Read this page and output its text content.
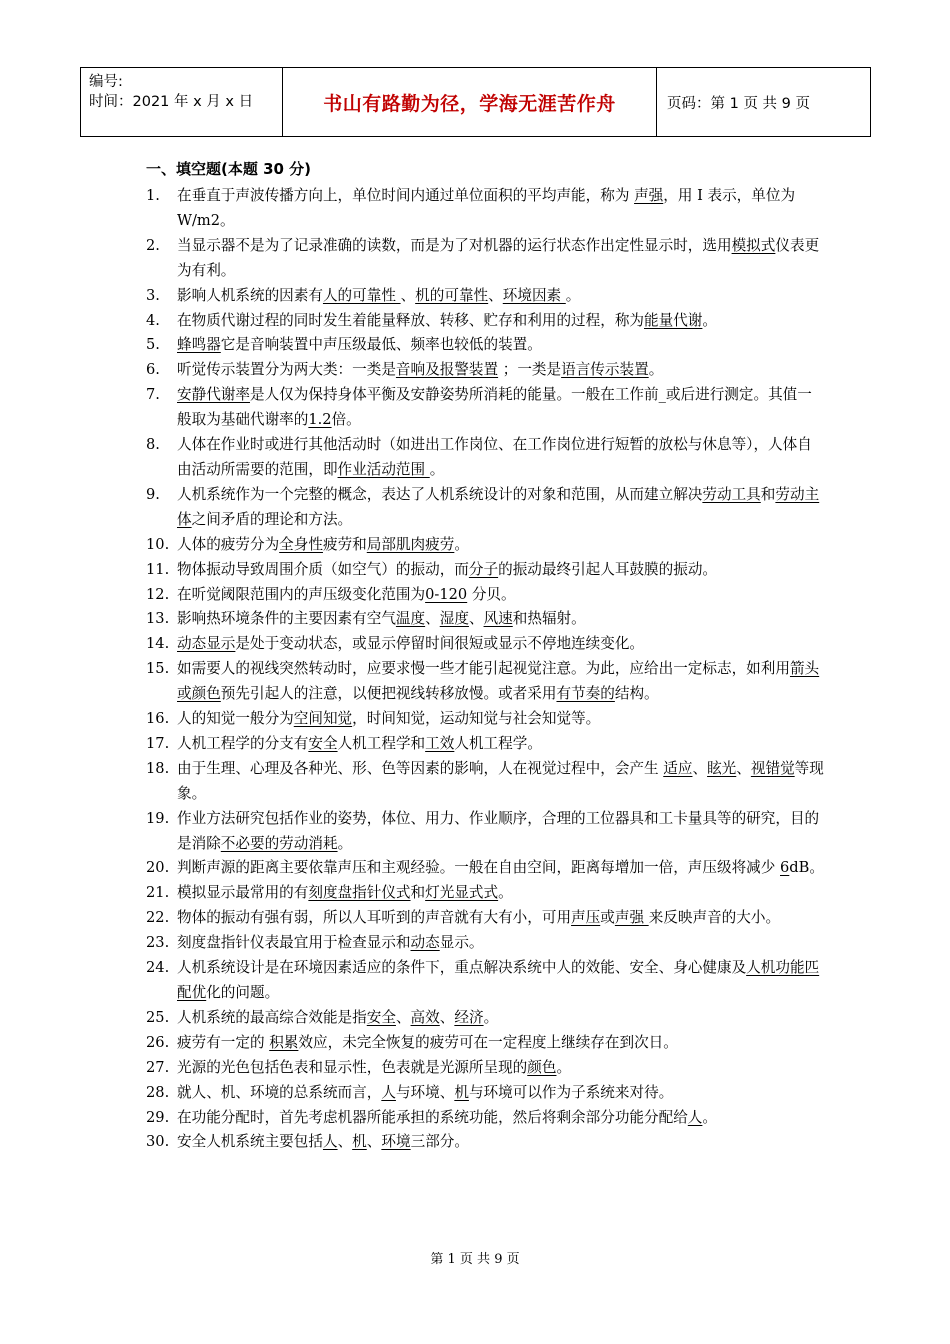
编号:
时间：2021 年 x 月 x 日	书山有路勤为径，学海无涯苦作舟	页码：第 1 页 共 9 页
一、填空题(本题 30 分)
1.	在垂直于声波传播方向上，单位时间内通过单位面积的平均声能，称为 声强，用 I 表示，单位为 W/m2。
2.	当显示器不是为了记录准确的读数，而是为了对机器的运行状态作出定性显示时，选用模拟式仪表更为有利。
3.	影响人机系统的因素有人的可靠性 、机的可靠性、环境因素 。
4.	在物质代谢过程的同时发生着能量释放、转移、贮存和利用的过程，称为能量代谢。
5.	蜂鸣器它是音响装置中声压级最低、频率也较低的装置。
6.	听觉传示装置分为两大类：一类是音响及报警装置 ；一类是语言传示装置。
7.	安静代谢率是人仅为保持身体平衡及安静姿势所消耗的能量。一般在工作前_或后进行测定。其值一般取为基础代谢率的1.2倍。
8.	人体在作业时或进行其他活动时（如进出工作岗位、在工作岗位进行短暂的放松与休息等），人体自由活动所需要的范围，即作业活动范围 。
9.	人机系统作为一个完整的概念，表达了人机系统设计的对象和范围，从而建立解决劳动工具和劳动主体之间矛盾的理论和方法。
10. 人体的疲劳分为全身性疲劳和局部肌肉疲劳。
11. 物体振动导致周围介质（如空气）的振动，而分子的振动最终引起人耳鼓膜的振动。
12. 在听觉阈限范围内的声压级变化范围为0-120 分贝。
13. 影响热环境条件的主要因素有空气温度、湿度、风速和热辐射。
14. 动态显示是处于变动状态，或显示停留时间很短或显示不停地连续变化。
15. 如需要人的视线突然转动时，应要求慢一些才能引起视觉注意。为此，应给出一定标志，如利用箭头或颜色预先引起人的注意，以便把视线转移放慢。或者采用有节奏的结构。
16. 人的知觉一般分为空间知觉，时间知觉，运动知觉与社会知觉等。
17. 人机工程学的分支有安全人机工程学和工效人机工程学。
18. 由于生理、心理及各种光、形、色等因素的影响，人在视觉过程中，会产生 适应、眩光、视错觉等现象。
19. 作业方法研究包括作业的姿势，体位、用力、作业顺序，合理的工位器具和工卡量具等的研究，目的是消除不必要的劳动消耗。
20. 判断声源的距离主要依靠声压和主观经验。一般在自由空间，距离每增加一倍，声压级将减少 6dB。
21. 模拟显示最常用的有刻度盘指针仪式和灯光显式式。
22. 物体的振动有强有弱，所以人耳听到的声音就有大有小，可用声压或声强 来反映声音的大小。
23. 刻度盘指针仪表最宜用于检查显示和动态显示。
24. 人机系统设计是在环境因素适应的条件下，重点解决系统中人的效能、安全、身心健康及人机功能匹配优化的问题。
25. 人机系统的最高综合效能是指安全、高效、经济。
26. 疲劳有一定的 积累效应，未完全恢复的疲劳可在一定程度上继续存在到次日。
27. 光源的光色包括色表和显示性，色表就是光源所呈现的颜色。
28. 就人、机、环境的总系统而言，人与环境、机与环境可以作为子系统来对待。
29. 在功能分配时，首先考虑机器所能承担的系统功能，然后将剩余部分功能分配给人。
30. 安全人机系统主要包括人、机、环境三部分。
第 1 页 共 9 页
